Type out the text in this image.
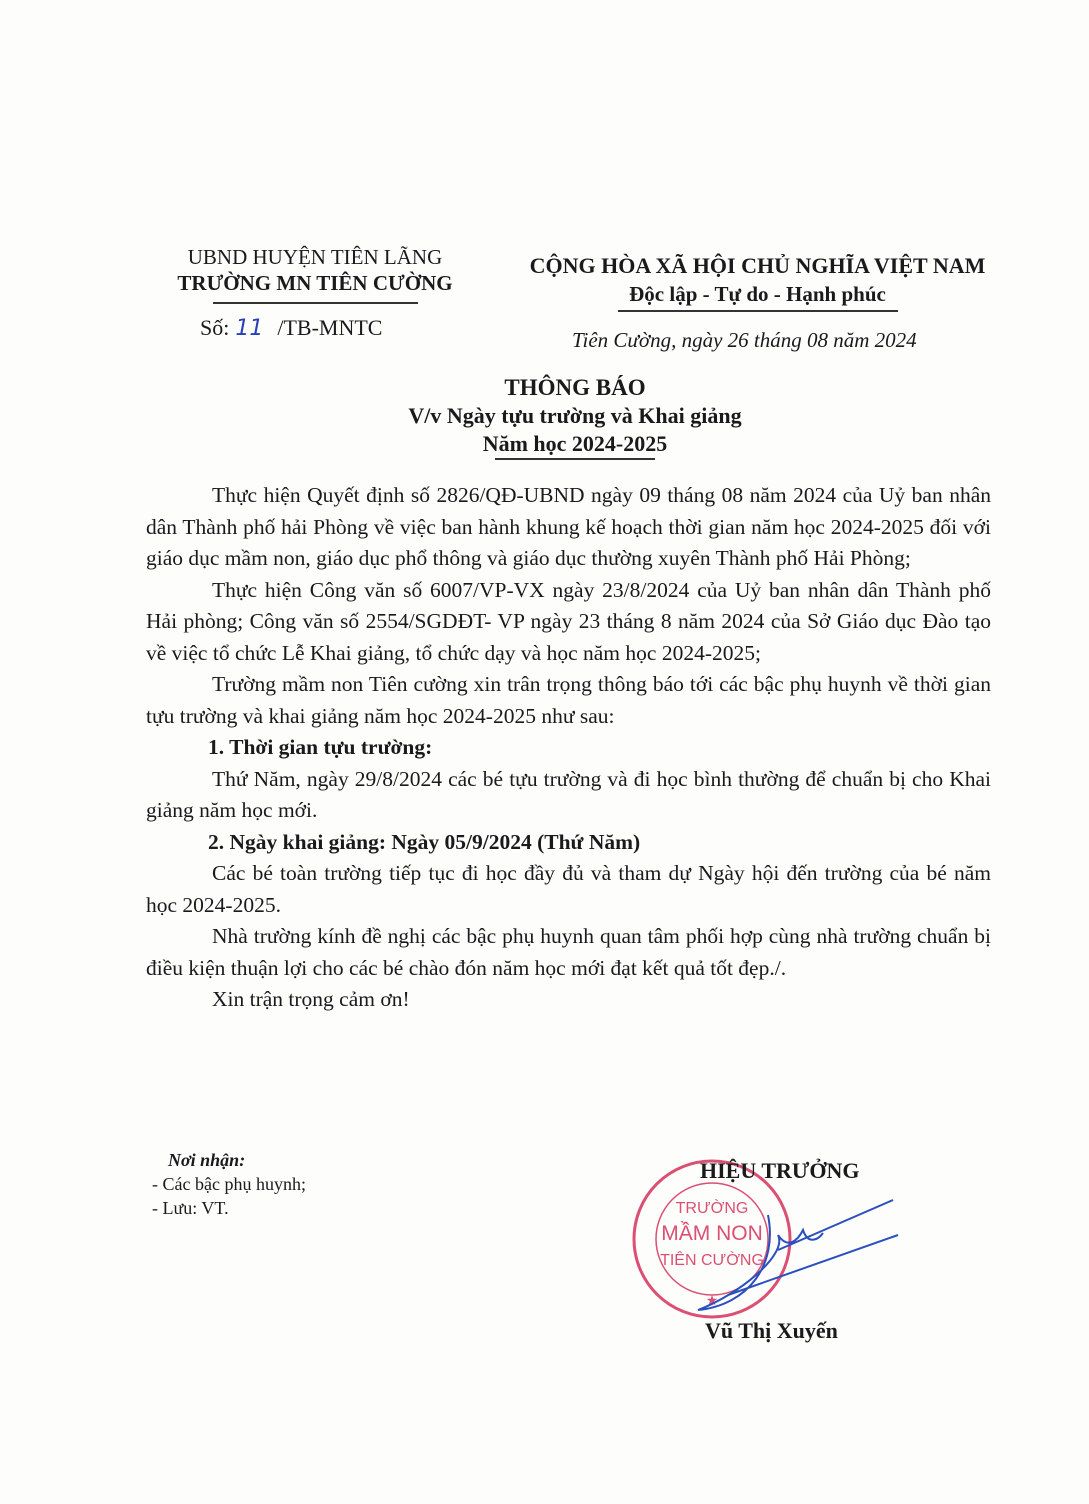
UBND HUYỆN TIÊN LÃNG
TRƯỜNG MN TIÊN CƯỜNG
Số: 11 /TB-MNTC
CỘNG HÒA XÃ HỘI CHỦ NGHĨA VIỆT NAM
Độc lập - Tự do - Hạnh phúc
Tiên Cường, ngày 26 tháng 08 năm 2024
THÔNG BÁO
V/v Ngày tựu trường và Khai giảng
Năm học 2024-2025

Thực hiện Quyết định số 2826/QĐ-UBND ngày 09 tháng 08 năm 2024 của Uỷ ban nhân dân Thành phố hải Phòng về việc ban hành khung kế hoạch thời gian năm học 2024-2025 đối với giáo dục mầm non, giáo dục phổ thông và giáo dục thường xuyên Thành phố Hải Phòng;

Thực hiện Công văn số 6007/VP-VX ngày 23/8/2024 của Uỷ ban nhân dân Thành phố Hải phòng; Công văn số 2554/SGDĐT- VP ngày 23 tháng 8 năm 2024 của Sở Giáo dục Đào tạo về việc tổ chức Lễ Khai giảng, tổ chức dạy và học năm học 2024-2025;

Trường mầm non Tiên cường xin trân trọng thông báo tới các bậc phụ huynh về thời gian tựu trường và khai giảng năm học 2024-2025 như sau:

1. Thời gian tựu trường:

Thứ Năm, ngày 29/8/2024 các bé tựu trường và đi học bình thường để chuẩn bị cho Khai giảng năm học mới.

2. Ngày khai giảng: Ngày 05/9/2024 (Thứ Năm)

Các bé toàn trường tiếp tục đi học đầy đủ và tham dự Ngày hội đến trường của bé năm học 2024-2025.

Nhà trường kính đề nghị các bậc phụ huynh quan tâm phối hợp cùng nhà trường chuẩn bị điều kiện thuận lợi cho các bé chào đón năm học mới đạt kết quả tốt đẹp./.

Xin trận trọng cảm ơn!

Nơi nhận:
- Các bậc phụ huynh;
- Lưu: VT.	TRƯỜNG
MẦM NON
TIÊN CƯỜNG
★
HIỆU TRƯỞNG
Vũ Thị Xuyến
